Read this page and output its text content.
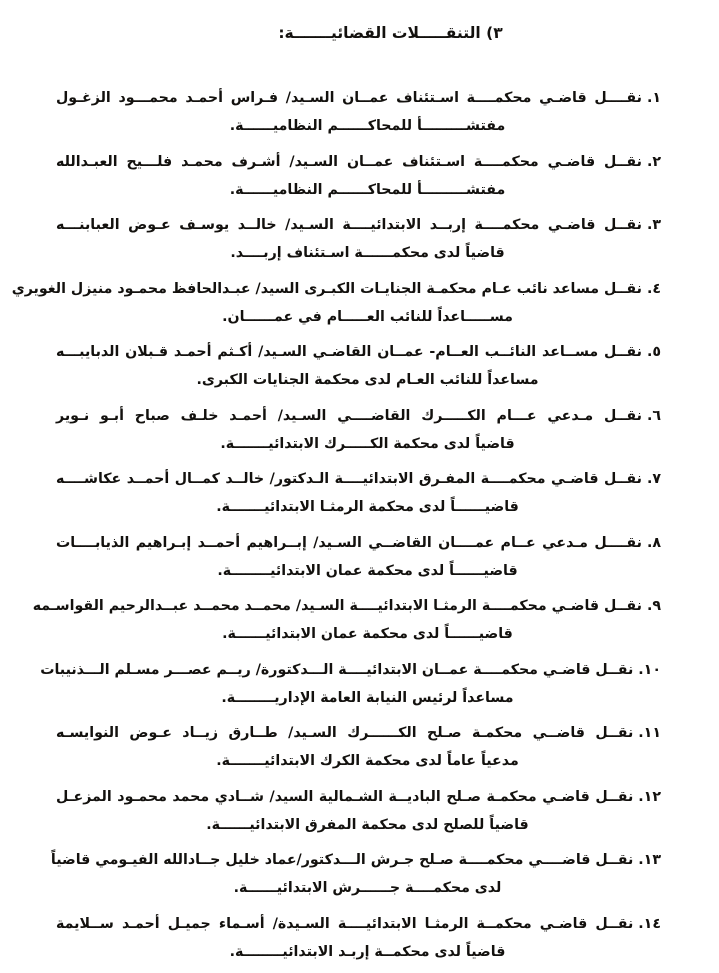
٣) التنقـــــلات القضائيـــــــة:
١.
نقــــل قاضـي محكمــــة اسـتئناف عمــان السـيد/ فـراس أحمـد محمـــود الزغـول
مفتشـــــــــأ للمحاكــــــم النظاميــــــة.
٢.
نقــل قاضـي محكمــــة اسـتئناف عمــان السـيد/ أشـرف محمـد فلـــيح العبـدالله
مفتشـــــــــأ للمحاكــــــم النظاميــــــة.
٣.
نقــل قاضـي محكمــــة إربــد الابتدائيــــة السـيد/ خالــد يوسـف عـوض العبابنـــه
قاضياً لدى محكمــــــة اسـتئناف إربــــد.
٤.
نقــل مساعد نائب عـام محكمـة الجنايـات الكبـرى السيد/ عبـدالحافظ محمـود منيزل الغويري
مســـــاعداً للنائب العـــــام في عمــــــان.
٥.
نقــل مســاعد النائــب العــام- عمــان القاضـي السـيد/ أكـثم أحمـد قـبلان الدبايبـــه
مساعداً للنائب العـام لدى محكمة الجنايات الكبرى.
٦.
نقــل مـدعي عـــام الكـــــرك القاضــــي السـيد/ أحمـد خلـف صباح أبـو نـوير
قاضياً لدى محكمة الكـــــرك الابتدائيـــــــة.
٧.
نقــل قاضـي محكمــــة المفـرق الابتدائيــــة الـدكتور/ خالــد كمــال أحمــد عكاشــــه
قاضيــــــاً لدى محكمة الرمثـا الابتدائيـــــــة.
٨.
نقــــل مـدعي عــام عمــــان القاضــي السـيد/ إبــراهيم أحمــد إبـراهيم الذيابــــات
قاضيــــــاً لدى محكمة عمان الابتدائيــــــــة.
٩.
نقــل قاضـي محكمــــة الرمثـا الابتدائيــــة السـيد/ محمــد محمــد عبــدالرحيم القواسـمه
قاضيــــــاً لدى محكمة عمان الابتدائيــــــة.
١٠.
نقــل قاضـي محكمــــة عمــان الابتدائيــــة الـــدكتورة/ ريــم عصـــر مسـلم الـــذنيبات
مساعداً لرئيس النيابة العامة الإداريــــــــة.
١١.
نقــل قاضــي محكمـة صـلح الكــــــرك السـيد/ طــارق زيــاد عـوض النوايسـه
مدعياً عاماً لدى محكمة الكرك الابتدائيـــــــة.
١٢.
نقــل قاضـي محكمـة صـلح الباديــة الشـمالية السيد/ شــادي محمد محمـود المزعـل
قاضياً للصلح لدى محكمة المفرق الابتدائيــــــة.
١٣.
نقــل قاضــــي محكمــــة صـلح جـرش الـــدكتور/عماد خليل جــادالله الفيـومي قاضياً
لدى محكمــــة جــــــرش الابتدائيــــــة.
١٤.
نقــل قاضـي محكمــة الرمثـا الابتدائيــــة السـيدة/ أسـماء جميـل أحمـد ســلايمة
قاضياً لدى محكمــة إربـد الابتدائيــــــــة.
